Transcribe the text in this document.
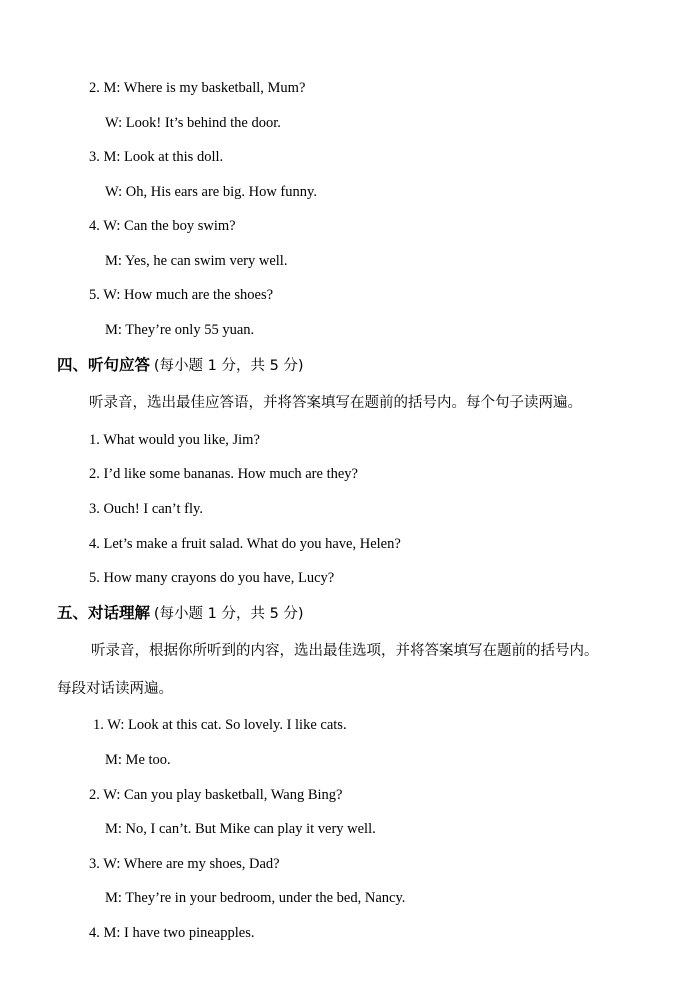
2. M: Where is my basketball, Mum?
W: Look! It’s behind the door.
3. M: Look at this doll.
W: Oh, His ears are big. How funny.
4. W: Can the boy swim?
M: Yes, he can swim very well.
5. W: How much are the shoes?
M: They’re only 55 yuan.
四、听句应答 (每小题 1 分，共 5 分)
听录音，选出最佳应答语，并将答案填写在题前的括号内。每个句子读两遍。
1. What would you like, Jim?
2. I’d like some bananas. How much are they?
3. Ouch! I can’t fly.
4. Let’s make a fruit salad. What do you have, Helen?
5. How many crayons do you have, Lucy?
五、对话理解 (每小题 1 分，共 5 分)
听录音，根据你所听到的内容，选出最佳选项，并将答案填写在题前的括号内。
每段对话读两遍。
1. W: Look at this cat. So lovely. I like cats.
M: Me too.
2. W: Can you play basketball, Wang Bing?
M: No, I can’t. But Mike can play it very well.
3. W: Where are my shoes, Dad?
M: They’re in your bedroom, under the bed, Nancy.
4. M: I have two pineapples.
